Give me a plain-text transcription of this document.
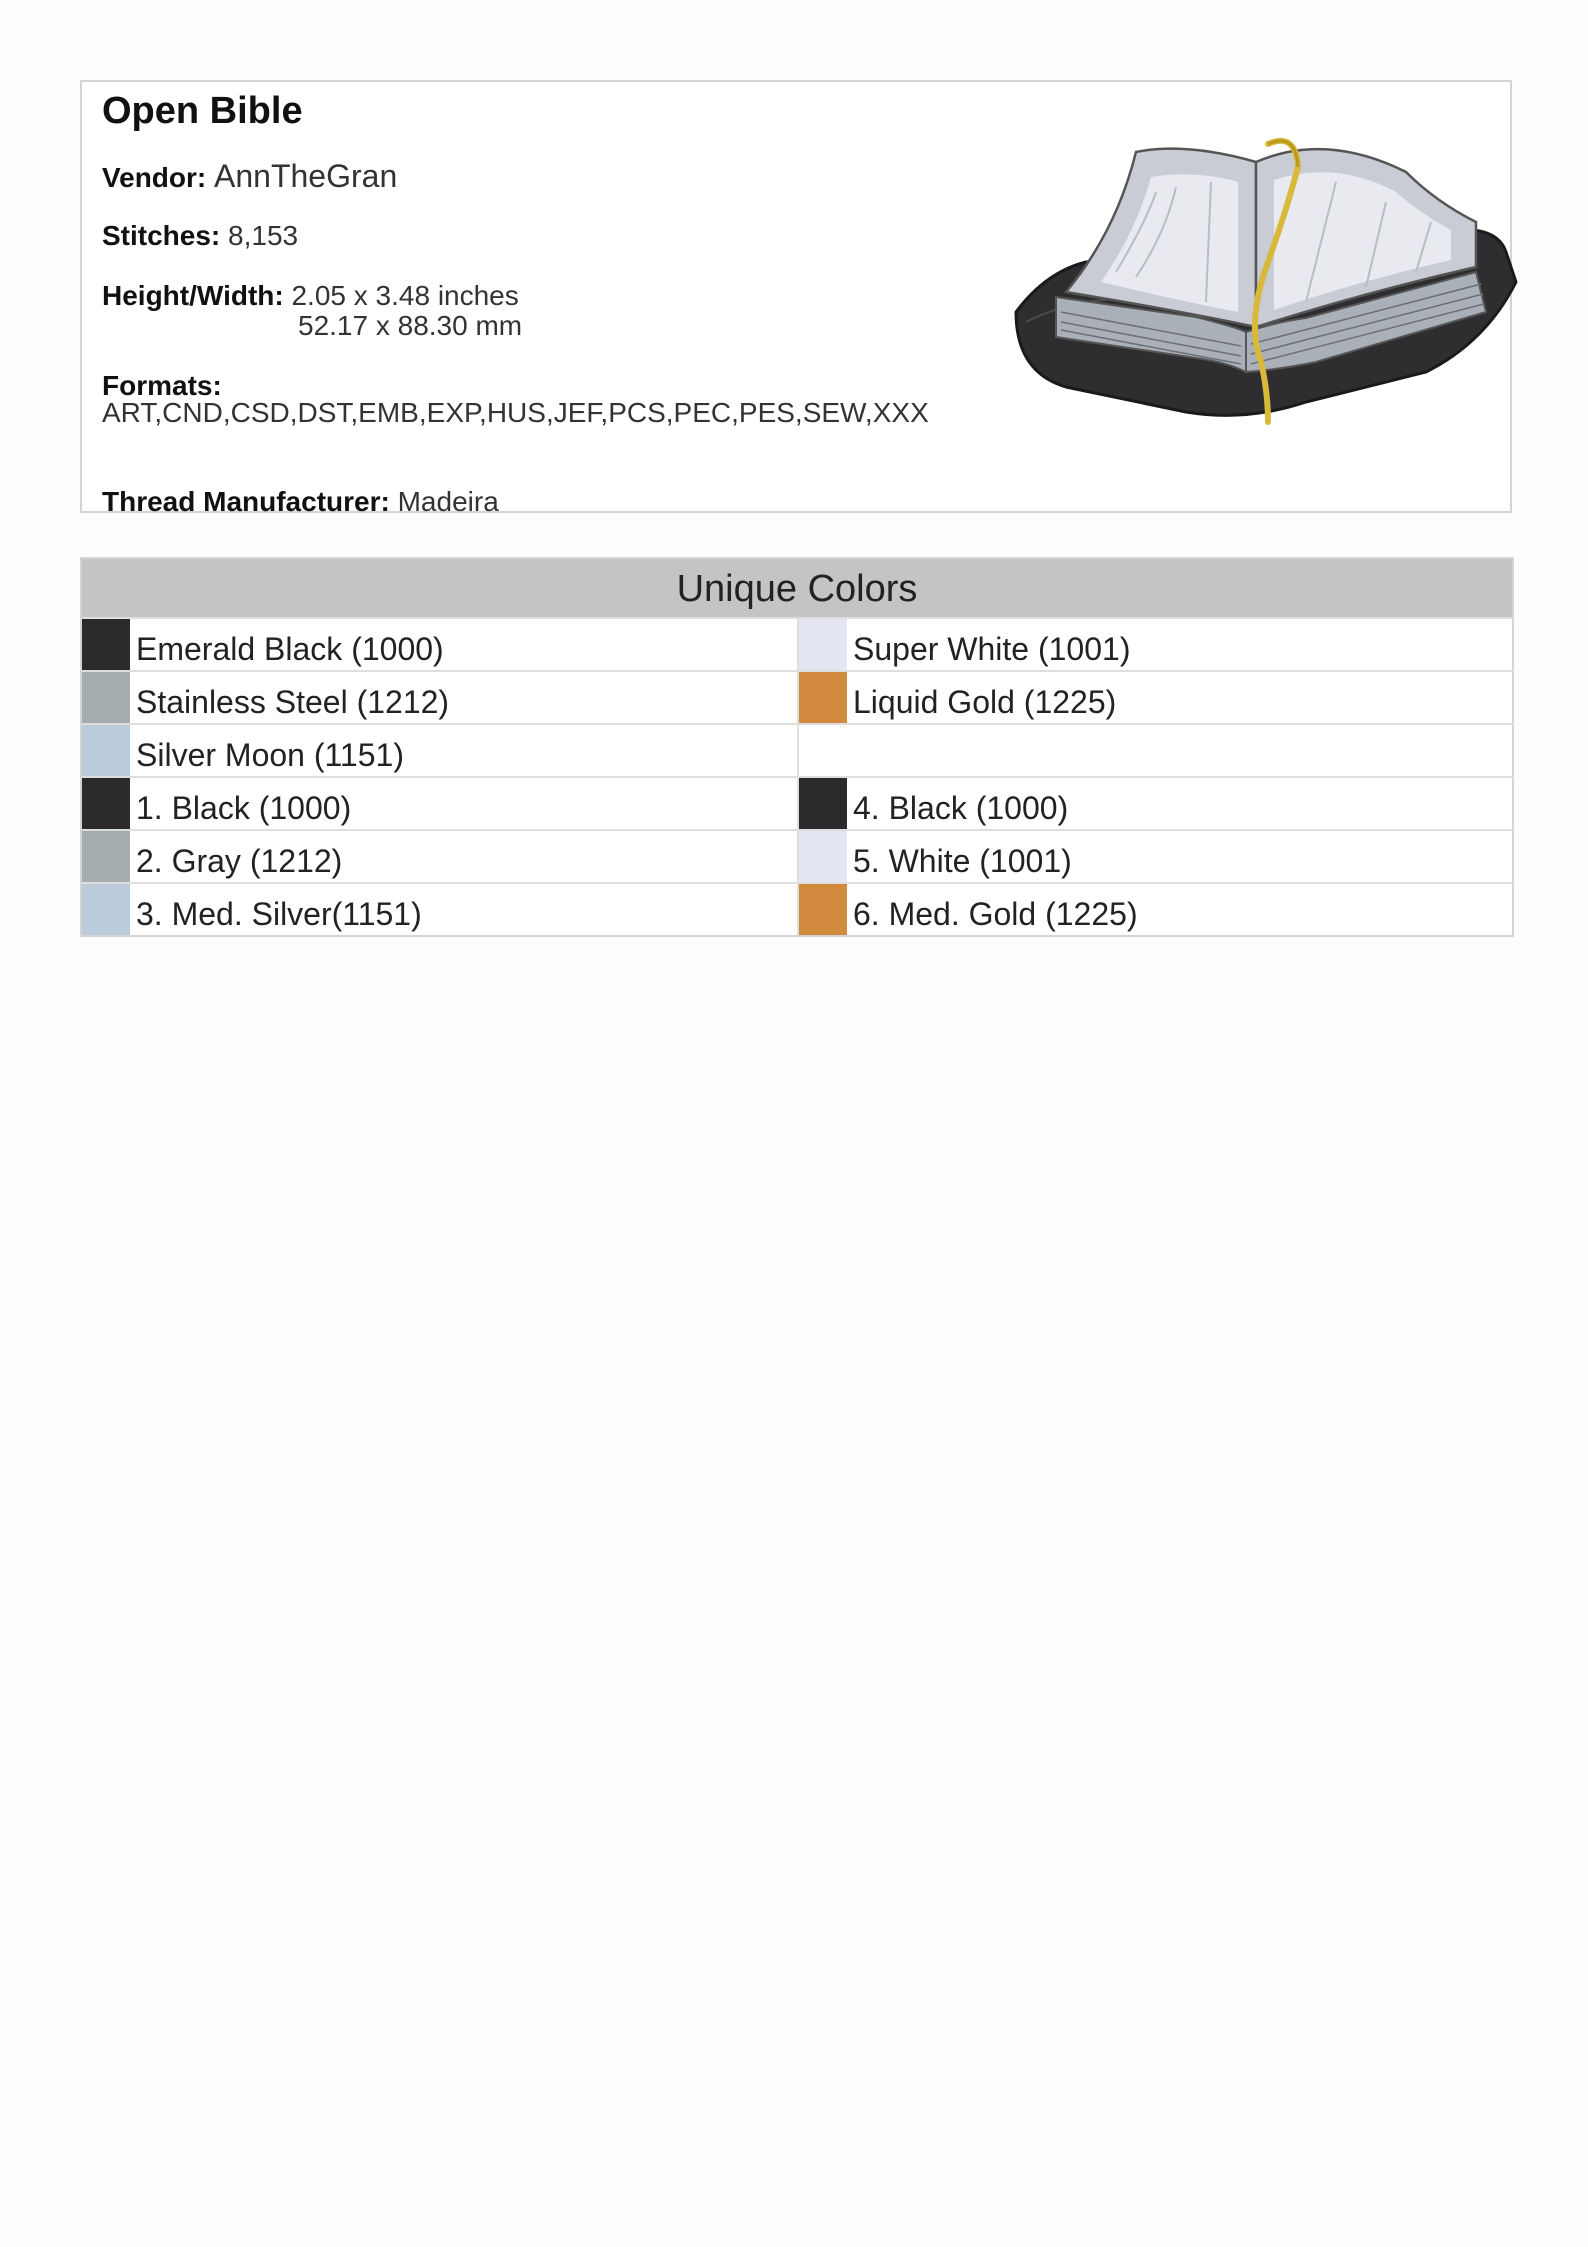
Open Bible
Vendor: AnnTheGran
Stitches: 8,153
Height/Width: 2.05 x 3.48 inches
52.17 x 88.30 mm
Formats:
ART,CND,CSD,DST,EMB,EXP,HUS,JEF,PCS,PEC,PES,SEW,XXX
Thread Manufacturer: Madeira
Unique Colors
Emerald Black (1000)	Super White (1001)
Stainless Steel (1212)	Liquid Gold (1225)
Silver Moon (1151)
1. Black (1000)	4. Black (1000)
2. Gray (1212)	5. White (1001)
3. Med. Silver(1151)	6. Med. Gold (1225)
